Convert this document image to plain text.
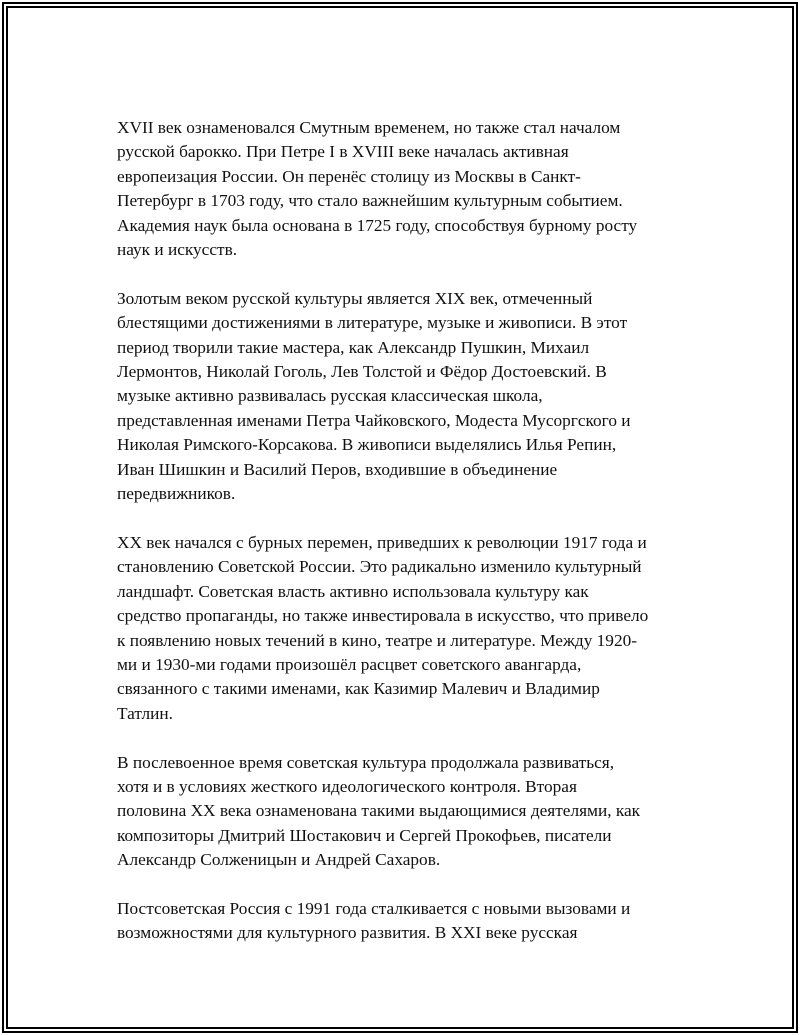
XVII век ознаменовался Смутным временем, но также стал началом
русской барокко. При Петре I в XVIII веке началась активная
европеизация России. Он перенёс столицу из Москвы в Санкт-
Петербург в 1703 году, что стало важнейшим культурным событием.
Академия наук была основана в 1725 году, способствуя бурному росту
наук и искусств.

Золотым веком русской культуры является XIX век, отмеченный
блестящими достижениями в литературе, музыке и живописи. В этот
период творили такие мастера, как Александр Пушкин, Михаил
Лермонтов, Николай Гоголь, Лев Толстой и Фёдор Достоевский. В
музыке активно развивалась русская классическая школа,
представленная именами Петра Чайковского, Модеста Мусоргского и
Николая Римского-Корсакова. В живописи выделялись Илья Репин,
Иван Шишкин и Василий Перов, входившие в объединение
передвижников.

XX век начался с бурных перемен, приведших к революции 1917 года и
становлению Советской России. Это радикально изменило культурный
ландшафт. Советская власть активно использовала культуру как
средство пропаганды, но также инвестировала в искусство, что привело
к появлению новых течений в кино, театре и литературе. Между 1920-
ми и 1930-ми годами произошёл расцвет советского авангарда,
связанного с такими именами, как Казимир Малевич и Владимир
Татлин.

В послевоенное время советская культура продолжала развиваться,
хотя и в условиях жесткого идеологического контроля. Вторая
половина XX века ознаменована такими выдающимися деятелями, как
композиторы Дмитрий Шостакович и Сергей Прокофьев, писатели
Александр Солженицын и Андрей Сахаров.

Постсоветская Россия с 1991 года сталкивается с новыми вызовами и
возможностями для культурного развития. В XXI веке русская
